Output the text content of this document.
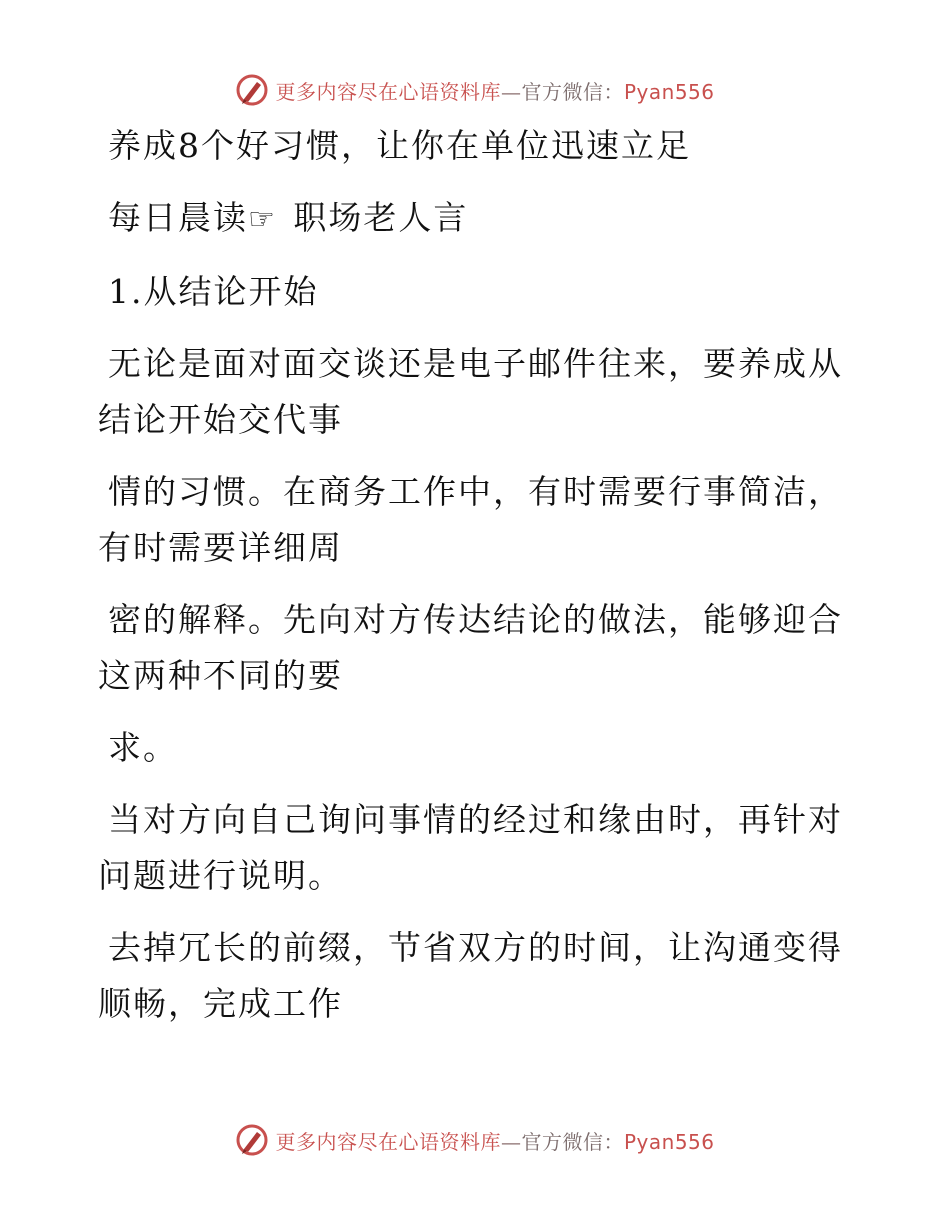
更多内容尽在心语资料库—官方微信：Pyan556
养成8个好习惯，让你在单位迅速立足
每日晨读☞ 职场老人言
1.从结论开始
无论是面对面交谈还是电子邮件往来，要养成从
结论开始交代事
情的习惯。在商务工作中，有时需要行事简洁，
有时需要详细周
密的解释。先向对方传达结论的做法，能够迎合
这两种不同的要
求。
当对方向自己询问事情的经过和缘由时，再针对
问题进行说明。
去掉冗长的前缀，节省双方的时间，让沟通变得
顺畅，完成工作
更多内容尽在心语资料库—官方微信：Pyan556
